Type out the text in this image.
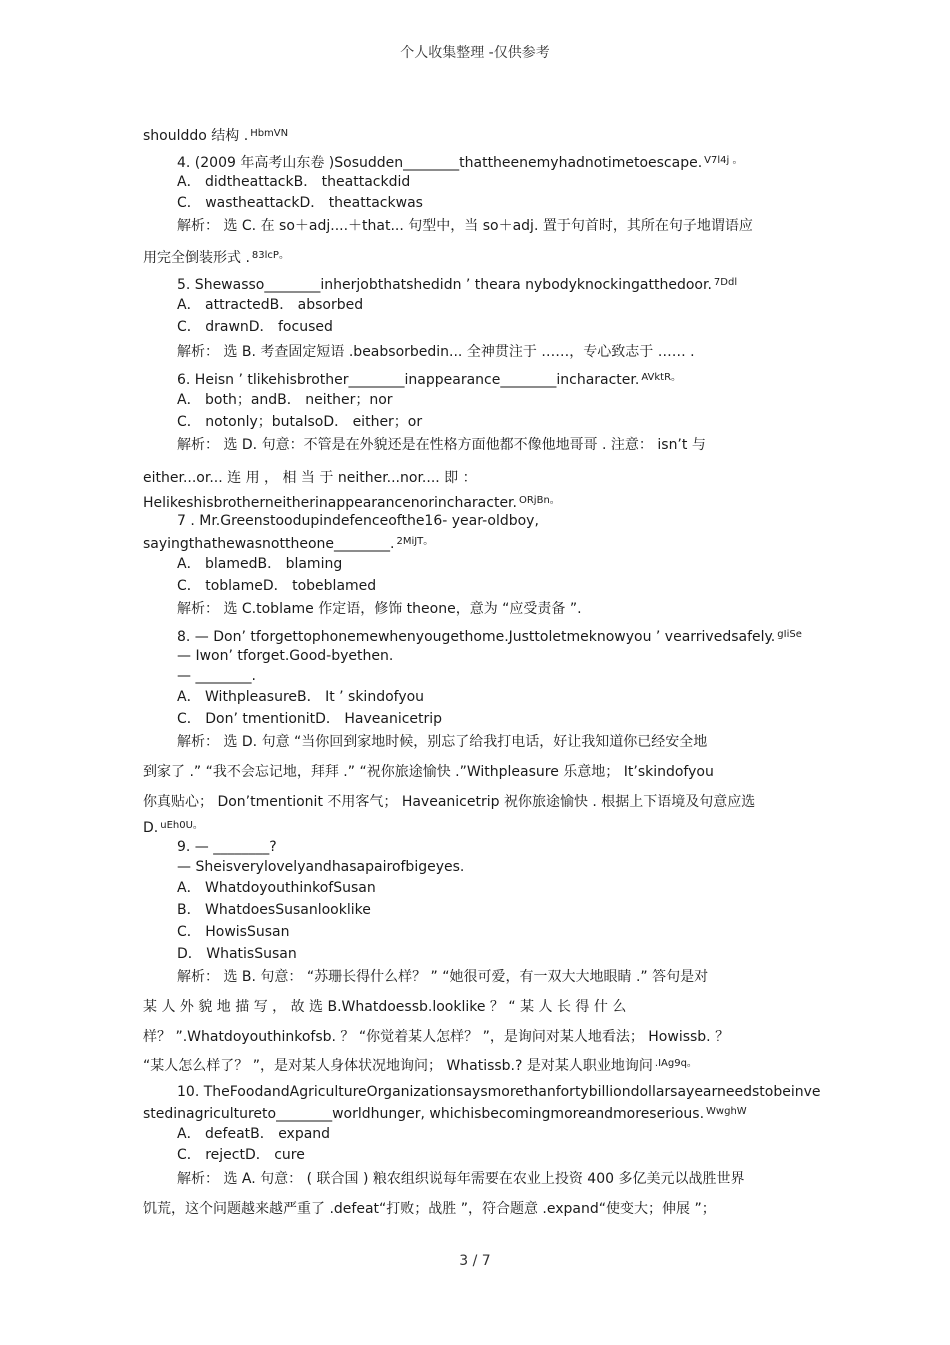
个人收集整理 -仅供参考
shoulddo 结构 . $^{HbmVN}$
4. (2009 年高考山东卷 )Sosudden________thattheenemyhadnotimetoescape. $^{V7l4j 。}$
A． didtheattackB． theattackdid
C． wastheattackD． theattackwas
解析： 选 C. 在 so＋adj....＋that... 句型中，当 so＋adj. 置于句首时，其所在句子地谓语应
用完全倒装形式 . $^{83lcP。}$
5. Shewasso________inherjobthatshedidn ’ theara nybodyknockingatthedoor. $^{7Ddl}$
A． attractedB． absorbed
C． drawnD． focused
解析： 选 B. 考查固定短语 .beabsorbedin... 全神贯注于 ……，专心致志于 …… .
6. Heisn ’ tlikehisbrother________inappearance________incharacter. $^{AVktR。}$
A． both；andB． neither；nor
C． notonly；butalsoD． either；or
解析： 选 D. 句意：不管是在外貌还是在性格方面他都不像他地哥哥 . 注意： isn’t 与
either...or... 连 用 ， 相 当 于 neither...nor.... 即 ：
Helikeshisbrotherneitherinappearancenorincharacter. $^{ORjBn。}$
7 . Mr.Greenstoodupindefenceofthe16- year-oldboy,
sayingthathewasnottheone________. $^{2MiJT。}$
A． blamedB． blaming
C． toblameD． tobeblamed
解析： 选 C.toblame 作定语，修饰 theone，意为 “应受责备 ”.
8. — Don’ tforgettophonemewhenyougethome.Justtoletmeknowyou ’ vearrivedsafely. $^{gIiSe}$
— Iwon’ tforget.Good-byethen.
— ________.
A． WithpleasureB． It ’ skindofyou
C． Don’ tmentionitD． Haveanicetrip
解析： 选 D. 句意 “当你回到家地时候，别忘了给我打电话，好让我知道你已经安全地
到家了 .” “我不会忘记地，拜拜 .” “祝你旅途愉快 .”Withpleasure 乐意地； It’skindofyou
你真贴心； Don’tmentionit 不用客气； Haveanicetrip 祝你旅途愉快 . 根据上下语境及句意应选
D. $^{uEh0U。}$
9. — ________?
— Sheisverylovelyandhasapairofbigeyes.
A． WhatdoyouthinkofSusan
B． WhatdoesSusanlooklike
C． HowisSusan
D． WhatisSusan
解析： 选 B. 句意： “苏珊长得什么样？ ” “她很可爱，有一双大大地眼睛 .” 答句是对
某 人 外 貌 地 描 写 ， 故 选 B.Whatdoessb.looklike ？ “ 某 人 长 得 什 么
样？ ”.Whatdoyouthinkofsb. ？ “你觉着某人怎样？ ”，是询问对某人地看法； Howissb. ？
“某人怎么样了？ ”，是对某人身体状况地询问； Whatissb.? 是对某人职业地询问 $^{.IAg9q。}$
10. TheFoodandAgricultureOrganizationsaysmorethanfortybilliondollarsayearneedstobeinve
stedinagricultureto________worldhunger, whichisbecomingmoreandmoreserious. $^{WwghW}$
A． defeatB． expand
C． rejectD． cure
解析： 选 A. 句意： ( 联合国 ) 粮农组织说每年需要在农业上投资 400 多亿美元以战胜世界
饥荒，这个问题越来越严重了 .defeat“打败；战胜 ”，符合题意 .expand“使变大；伸展 ”；
3 / 7
